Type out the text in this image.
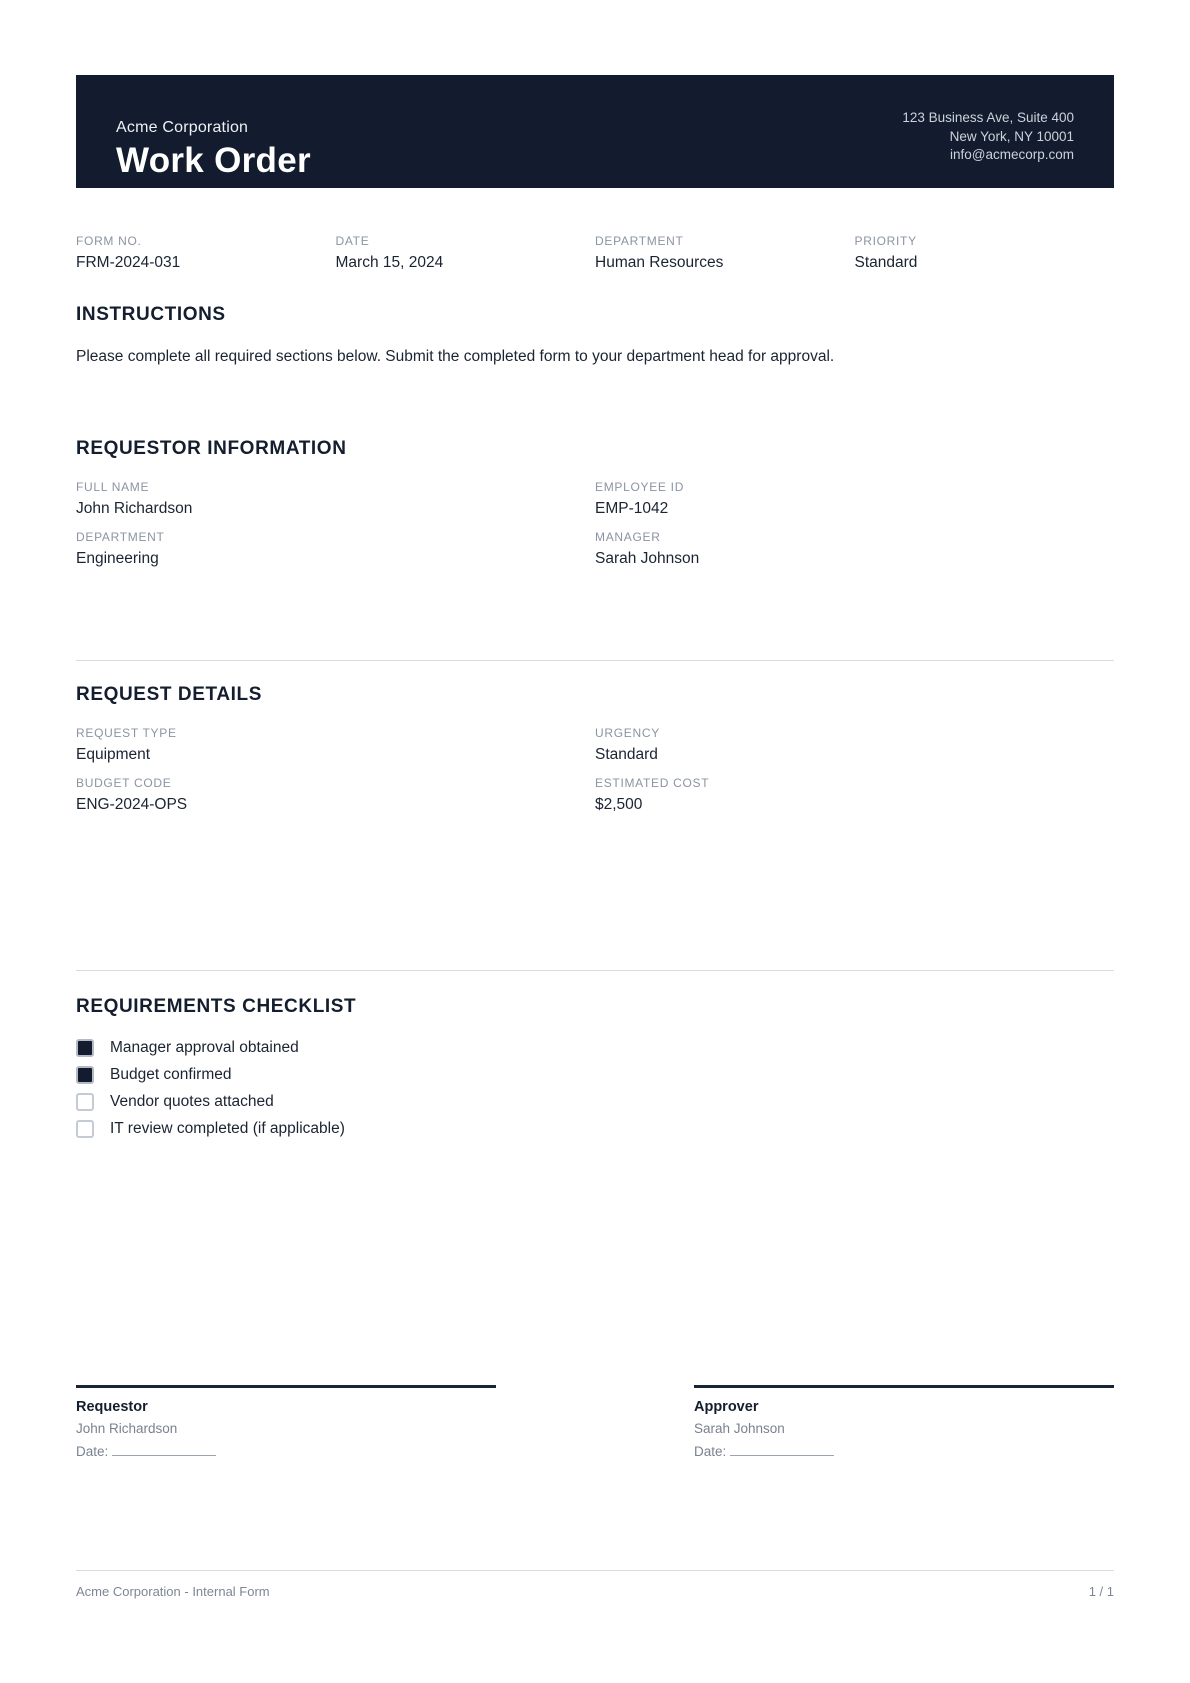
Acme Corporation
Work Order
123 Business Ave, Suite 400
New York, NY 10001
info@acmecorp.com
FORM NO.
FRM-2024-031
DATE
March 15, 2024
DEPARTMENT
Human Resources
PRIORITY
Standard
INSTRUCTIONS
Please complete all required sections below. Submit the completed form to your department head for approval.
REQUESTOR INFORMATION
FULL NAME
John Richardson
EMPLOYEE ID
EMP-1042
DEPARTMENT
Engineering
MANAGER
Sarah Johnson
REQUEST DETAILS
REQUEST TYPE
Equipment
URGENCY
Standard
BUDGET CODE
ENG-2024-OPS
ESTIMATED COST
$2,500
REQUIREMENTS CHECKLIST
Manager approval obtained
Budget confirmed
Vendor quotes attached
IT review completed (if applicable)
Requestor
John Richardson
Date:
Approver
Sarah Johnson
Date:
Acme Corporation - Internal Form	1 / 1
